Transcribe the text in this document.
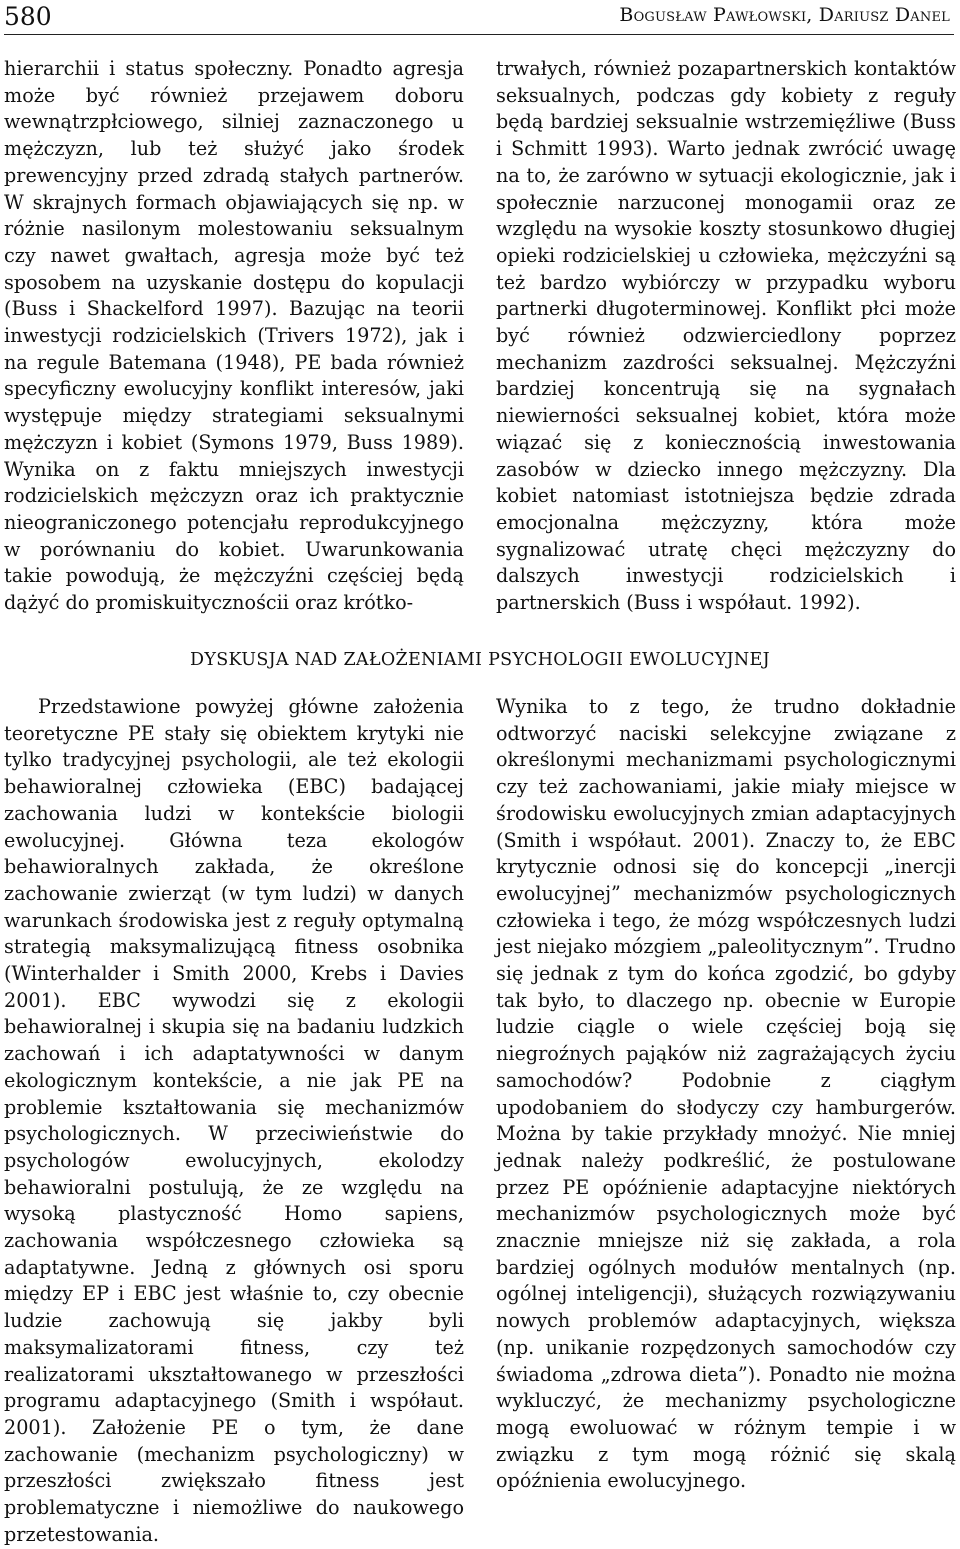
580	Bogusław Pawłowski, Dariusz Danel

hierarchii i status społeczny. Ponadto agresja może być również przejawem doboru wewnątrzpłciowego, silniej zaznaczonego u mężczyzn, lub też służyć jako środek prewencyjny przed zdradą stałych partnerów. W skrajnych formach objawiających się np. w różnie nasilonym molestowaniu seksualnym czy nawet gwałtach, agresja może być też sposobem na uzyskanie dostępu do kopulacji (Buss i Shackelford 1997). Bazując na teorii inwestycji rodzicielskich (Trivers 1972), jak i na regule Batemana (1948), PE bada również specyficzny ewolucyjny konflikt interesów, jaki występuje między strategiami seksualnymi mężczyzn i kobiet (Symons 1979, Buss 1989). Wynika on z faktu mniejszych inwestycji rodzicielskich mężczyzn oraz ich praktycznie nieograniczonego potencjału reprodukcyjnego w porównaniu do kobiet. Uwarunkowania takie powodują, że mężczyźni częściej będą dążyć do promiskuitycznościi oraz krótko-

trwałych, również pozapartnerskich kontaktów seksualnych, podczas gdy kobiety z reguły będą bardziej seksualnie wstrzemięźliwe (Buss i Schmitt 1993). Warto jednak zwrócić uwagę na to, że zarówno w sytuacji ekologicznie, jak i społecznie narzuconej monogamii oraz ze względu na wysokie koszty stosunkowo długiej opieki rodzicielskiej u człowieka, mężczyźni są też bardzo wybiórczy w przypadku wyboru partnerki długoterminowej. Konflikt płci może być również odzwierciedlony poprzez mechanizm zazdrości seksualnej. Mężczyźni bardziej koncentrują się na sygnałach niewierności seksualnej kobiet, która może wiązać się z koniecznością inwestowania zasobów w dziecko innego mężczyzny. Dla kobiet natomiast istotniejsza będzie zdrada emocjonalna mężczyzny, która może sygnalizować utratę chęci mężczyzny do dalszych inwestycji rodzicielskich i partnerskich (Buss i współaut. 1992).

DYSKUSJA NAD ZAŁOŻENIAMI PSYCHOLOGII EWOLUCYJNEJ

Przedstawione powyżej główne założenia teoretyczne PE stały się obiektem krytyki nie tylko tradycyjnej psychologii, ale też ekologii behawioralnej człowieka (EBC) badającej zachowania ludzi w kontekście biologii ewolucyjnej. Główna teza ekologów behawioralnych zakłada, że określone zachowanie zwierząt (w tym ludzi) w danych warunkach środowiska jest z reguły optymalną strategią maksymalizującą fitness osobnika (Winterhalder i Smith 2000, Krebs i Davies 2001). EBC wywodzi się z ekologii behawioralnej i skupia się na badaniu ludzkich zachowań i ich adaptatywności w danym ekologicznym kontekście, a nie jak PE na problemie kształtowania się mechanizmów psychologicznych. W przeciwieństwie do psychologów ewolucyjnych, ekolodzy behawioralni postulują, że ze względu na wysoką plastyczność Homo sapiens, zachowania współczesnego człowieka są adaptatywne. Jedną z głównych osi sporu między EP i EBC jest właśnie to, czy obecnie ludzie zachowują się jakby byli maksymalizatorami fitness, czy też realizatorami ukształtowanego w przeszłości programu adaptacyjnego (Smith i współaut. 2001). Założenie PE o tym, że dane zachowanie (mechanizm psychologiczny) w przeszłości zwiększało fitness jest problematyczne i niemożliwe do naukowego przetestowania.

Wynika to z tego, że trudno dokładnie odtworzyć naciski selekcyjne związane z określonymi mechanizmami psychologicznymi czy też zachowaniami, jakie miały miejsce w środowisku ewolucyjnych zmian adaptacyjnych (Smith i współaut. 2001). Znaczy to, że EBC krytycznie odnosi się do koncepcji „inercji ewolucyjnej” mechanizmów psychologicznych człowieka i tego, że mózg współczesnych ludzi jest niejako mózgiem „paleolitycznym”. Trudno się jednak z tym do końca zgodzić, bo gdyby tak było, to dlaczego np. obecnie w Europie ludzie ciągle o wiele częściej boją się niegroźnych pająków niż zagrażających życiu samochodów? Podobnie z ciągłym upodobaniem do słodyczy czy hamburgerów. Można by takie przykłady mnożyć. Nie mniej jednak należy podkreślić, że postulowane przez PE opóźnienie adaptacyjne niektórych mechanizmów psychologicznych może być znacznie mniejsze niż się zakłada, a rola bardziej ogólnych modułów mentalnych (np. ogólnej inteligencji), służących rozwiązywaniu nowych problemów adaptacyjnych, większa (np. unikanie rozpędzonych samochodów czy świadoma „zdrowa dieta”). Ponadto nie można wykluczyć, że mechanizmy psychologiczne mogą ewoluować w różnym tempie i w związku z tym mogą różnić się skalą opóźnienia ewolucyjnego.
